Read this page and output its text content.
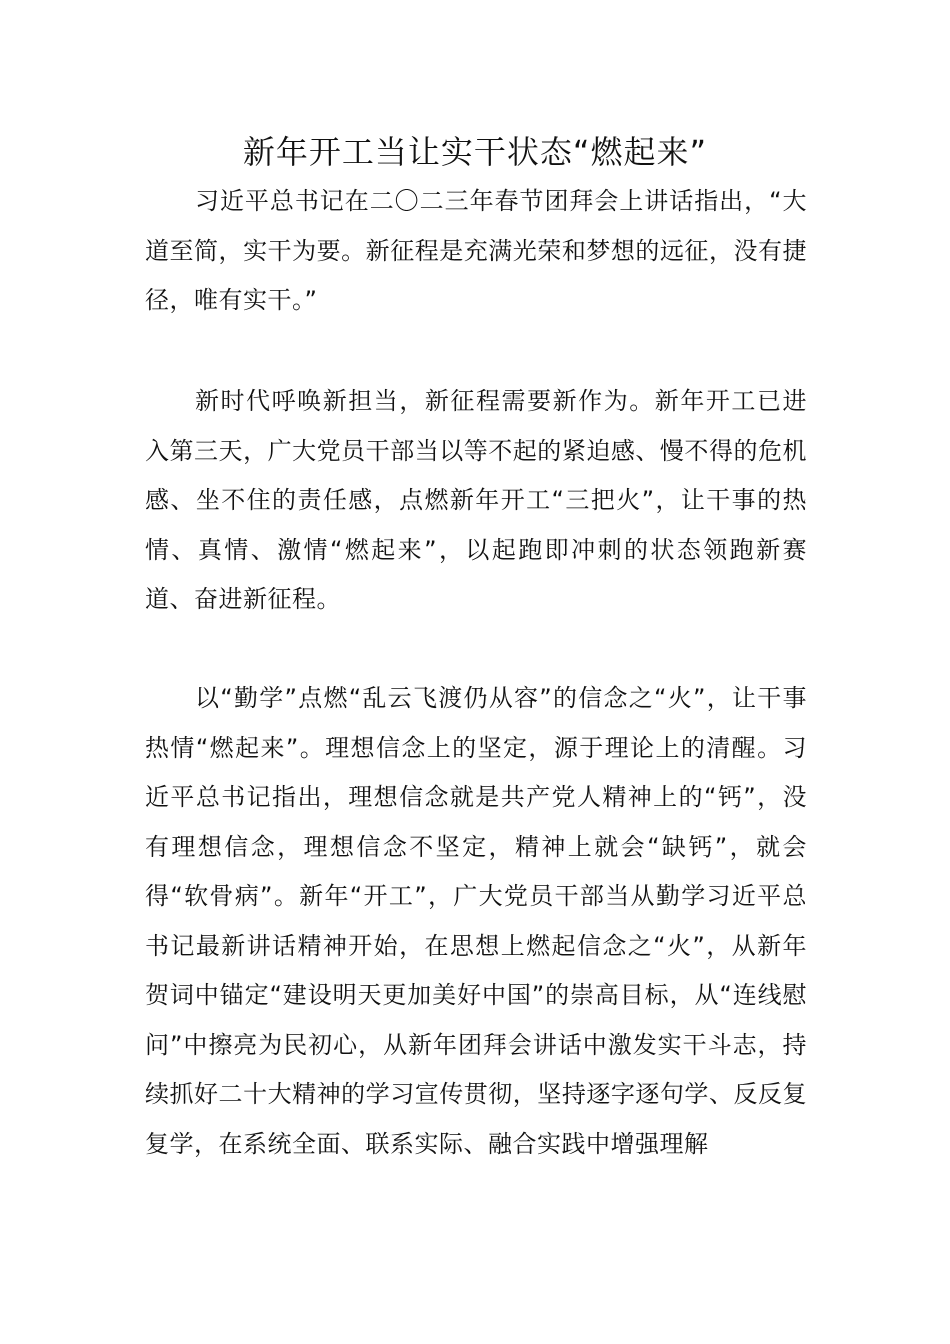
新年开工当让实干状态“燃起来”

习近平总书记在二〇二三年春节团拜会上讲话指出，“大道至简，实干为要。新征程是充满光荣和梦想的远征，没有捷径，唯有实干。”

新时代呼唤新担当，新征程需要新作为。新年开工已进入第三天，广大党员干部当以等不起的紧迫感、慢不得的危机感、坐不住的责任感，点燃新年开工“三把火”，让干事的热情、真情、激情“燃起来”，以起跑即冲刺的状态领跑新赛道、奋进新征程。

以“勤学”点燃“乱云飞渡仍从容”的信念之“火”，让干事热情“燃起来”。理想信念上的坚定，源于理论上的清醒。习近平总书记指出，理想信念就是共产党人精神上的“钙”，没有理想信念，理想信念不坚定，精神上就会“缺钙”，就会得“软骨病”。新年“开工”，广大党员干部当从勤学习近平总书记最新讲话精神开始，在思想上燃起信念之“火”，从新年贺词中锚定“建设明天更加美好中国”的崇高目标，从“连线慰问”中擦亮为民初心，从新年团拜会讲话中激发实干斗志，持续抓好二十大精神的学习宣传贯彻，坚持逐字逐句学、反反复复学，在系统全面、联系实际、融合实践中增强理解
